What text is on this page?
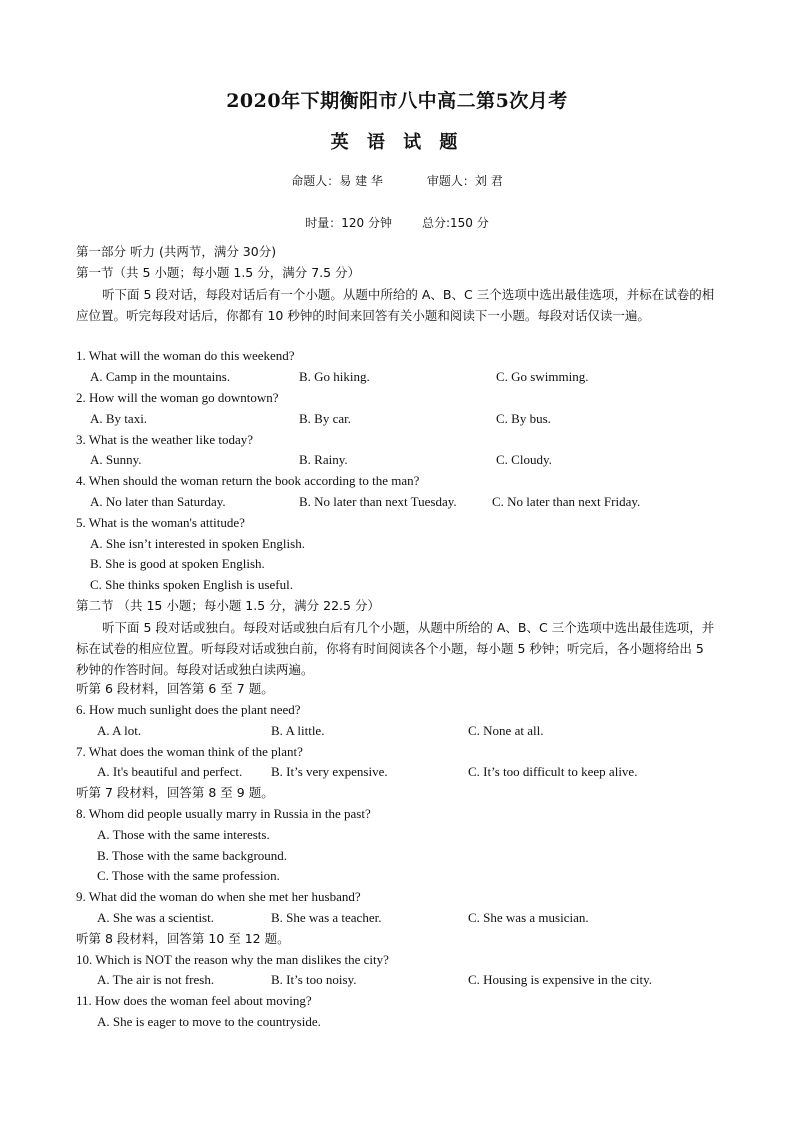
2020年下期衡阳市八中高二第5次月考
英 语 试 题
命题人：易 建 华	审题人：刘 君
时量：120 分钟	总分:150 分
第一部分 听力 (共两节，满分 30分)
第一节（共 5 小题；每小题 1.5 分，满分 7.5 分）
听下面 5 段对话，每段对话后有一个小题。从题中所给的 A、B、C 三个选项中选出最佳选项，并标在试卷的相应位置。听完每段对话后，你都有 10 秒钟的时间来回答有关小题和阅读下一小题。每段对话仅读一遍。
1. What will the woman do this weekend?
A. Camp in the mountains.	B. Go hiking.	C. Go swimming.
2. How will the woman go downtown?
A. By taxi.	B. By car.	C. By bus.
3. What is the weather like today?
A. Sunny.	B. Rainy.	C. Cloudy.
4. When should the woman return the book according to the man?
A. No later than Saturday.	B. No later than next Tuesday.	C. No later than next Friday.
5. What is the woman's attitude?
A. She isn’t interested in spoken English.
B. She is good at spoken English.
C. She thinks spoken English is useful.
第二节 （共 15 小题；每小题 1.5 分，满分 22.5 分）
听下面 5 段对话或独白。每段对话或独白后有几个小题，从题中所给的 A、B、C 三个选项中选出最佳选项，并标在试卷的相应位置。听每段对话或独白前，你将有时间阅读各个小题，每小题 5 秒钟；听完后，各小题将给出 5 秒钟的作答时间。每段对话或独白读两遍。
听第 6 段材料，回答第 6 至 7 题。
6. How much sunlight does the plant need?
A. A lot.	B. A little.	C. None at all.
7. What does the woman think of the plant?
A. It's beautiful and perfect. B. It’s very expensive.	C. It’s too difficult to keep alive.
听第 7 段材料，回答第 8 至 9 题。
8. Whom did people usually marry in Russia in the past?
A. Those with the same interests.
B. Those with the same background.
C. Those with the same profession.
9. What did the woman do when she met her husband?
A. She was a scientist.	B. She was a teacher.	C. She was a musician.
听第 8 段材料，回答第 10 至 12 题。
10. Which is NOT the reason why the man dislikes the city?
A. The air is not fresh.	B. It’s too noisy.	C. Housing is expensive in the city.
11. How does the woman feel about moving?
A. She is eager to move to the countryside.
